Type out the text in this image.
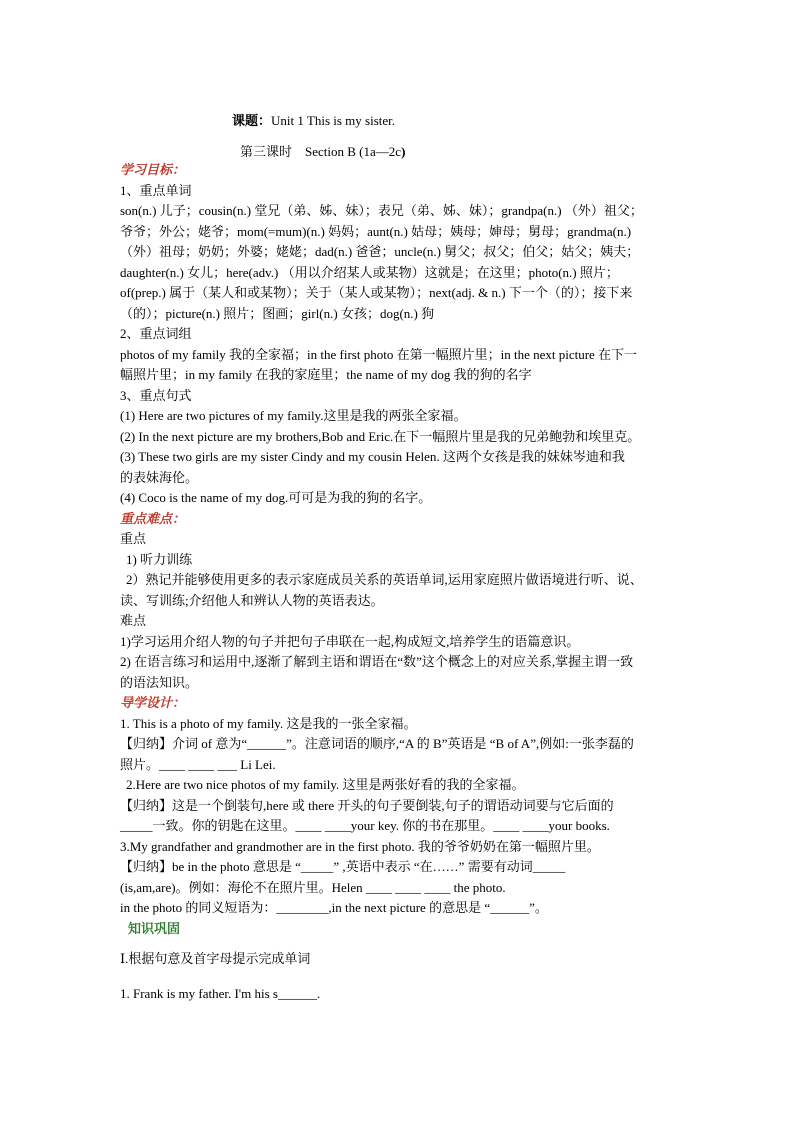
课题：Unit 1 This is my sister.
第三课时 Section B (1a—2c)

学习目标：

1、重点单词

son(n.) 儿子；cousin(n.) 堂兄（弟、姊、妹）；表兄（弟、姊、妹）；grandpa(n.) （外）祖父；

爷爷；外公；姥爷；mom(=mum)(n.) 妈妈；aunt(n.) 姑母；姨母；婶母；舅母；grandma(n.)

（外）祖母；奶奶；外婆；姥姥；dad(n.) 爸爸；uncle(n.) 舅父；叔父；伯父；姑父；姨夫；

daughter(n.) 女儿；here(adv.) （用以介绍某人或某物）这就是；在这里；photo(n.) 照片；

of(prep.) 属于（某人和或某物）；关于（某人或某物）；next(adj. & n.) 下一个（的）；接下来

（的）；picture(n.) 照片；图画；girl(n.) 女孩；dog(n.) 狗

2、重点词组

photos of my family 我的全家福；in the first photo 在第一幅照片里；in the next picture 在下一

幅照片里；in my family 在我的家庭里；the name of my dog 我的狗的名字

3、重点句式

(1) Here are two pictures of my family.这里是我的两张全家福。

(2) In the next picture are my brothers,Bob and Eric.在下一幅照片里是我的兄弟鲍勃和埃里克。

(3) These two girls are my sister Cindy and my cousin Helen. 这两个女孩是我的妹妹岑迪和我

的表妹海伦。

(4) Coco is the name of my dog.可可是为我的狗的名字。

重点难点：

重点

1) 听力训练

2）熟记并能够使用更多的表示家庭成员关系的英语单词,运用家庭照片做语境进行听、说、

读、写训练;介绍他人和辨认人物的英语表达。

难点

1)学习运用介绍人物的句子并把句子串联在一起,构成短文,培养学生的语篇意识。

2) 在语言练习和运用中,逐渐了解到主语和谓语在“数”这个概念上的对应关系,掌握主谓一致

的语法知识。

导学设计：

1. This is a photo of my family. 这是我的一张全家福。

【归纳】介词 of 意为“______”。注意词语的顺序,“A 的 B”英语是 “B of A”,例如:一张李磊的

照片。____ ____ ___ Li Lei.

2.Here are two nice photos of my family. 这里是两张好看的我的全家福。

【归纳】这是一个倒装句,here 或 there 开头的句子要倒装,句子的谓语动词要与它后面的

_____一致。你的钥匙在这里。____ ____your key. 你的书在那里。____ ____your books.

3.My grandfather and grandmother are in the first photo. 我的爷爷奶奶在第一幅照片里。

【归纳】be in the photo 意思是 “_____” ,英语中表示 “在……” 需要有动词_____

(is,am,are)。例如：海伦不在照片里。Helen ____ ____ ____ the photo.

in the photo 的同义短语为：________,in the next picture 的意思是 “______”。

知识巩固

Ⅰ.根据句意及首字母提示完成单词

1. Frank is my father. I'm his s______.
